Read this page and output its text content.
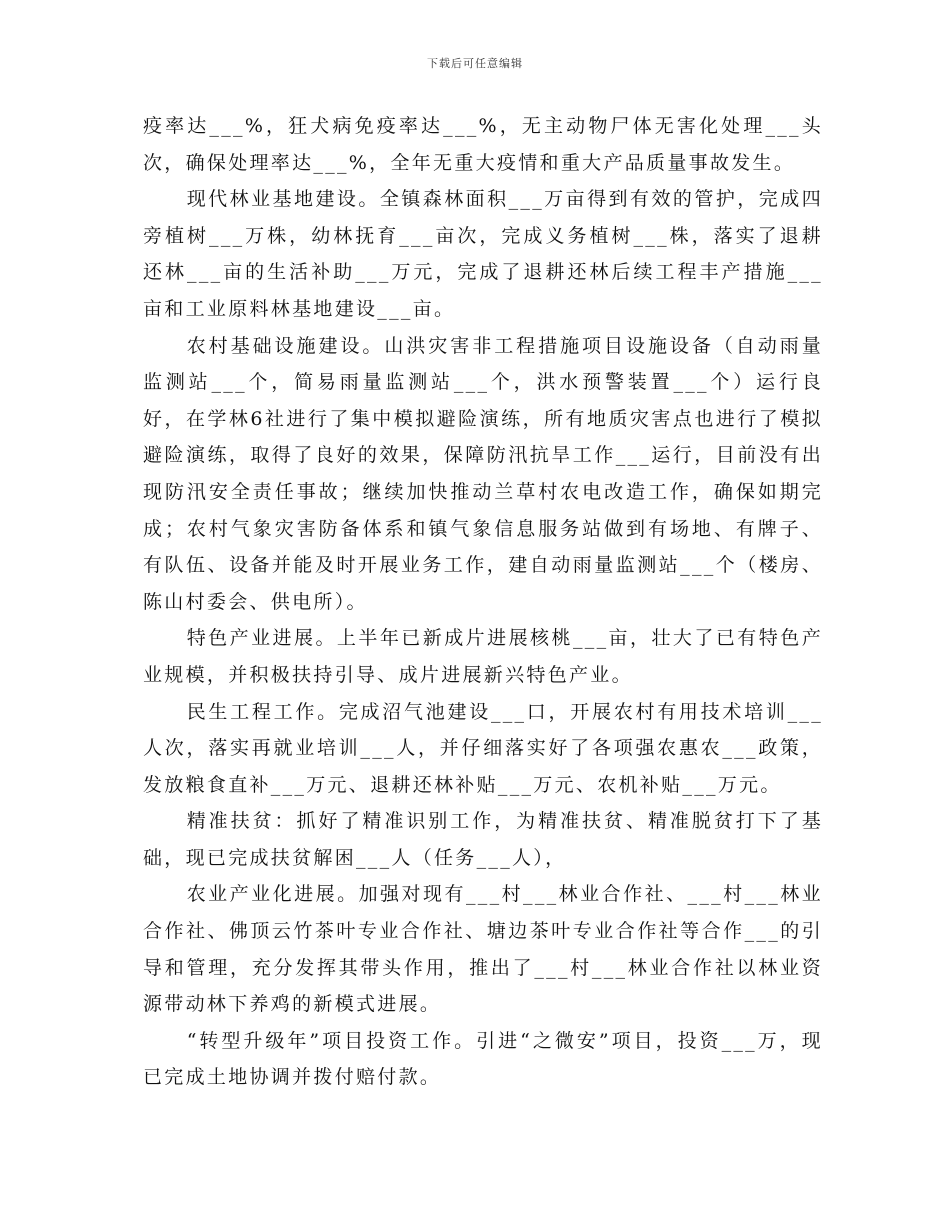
下载后可任意编辑

疫率达___%，狂犬病免疫率达___%，无主动物尸体无害化处理___头次，确保处理率达___%，全年无重大疫情和重大产品质量事故发生。

现代林业基地建设。全镇森林面积___万亩得到有效的管护，完成四旁植树___万株，幼林抚育___亩次，完成义务植树___株，落实了退耕还林___亩的生活补助___万元，完成了退耕还林后续工程丰产措施___亩和工业原料林基地建设___亩。

农村基础设施建设。山洪灾害非工程措施项目设施设备（自动雨量监测站___个，简易雨量监测站___个，洪水预警装置___个）运行良好，在学林6社进行了集中模拟避险演练，所有地质灾害点也进行了模拟避险演练，取得了良好的效果，保障防汛抗旱工作___运行，目前没有出现防汛安全责任事故；继续加快推动兰草村农电改造工作，确保如期完成；农村气象灾害防备体系和镇气象信息服务站做到有场地、有牌子、有队伍、设备并能及时开展业务工作，建自动雨量监测站___个（楼房、陈山村委会、供电所）。

特色产业进展。上半年已新成片进展核桃___亩，壮大了已有特色产业规模，并积极扶持引导、成片进展新兴特色产业。

民生工程工作。完成沼气池建设___口，开展农村有用技术培训___人次，落实再就业培训___人，并仔细落实好了各项强农惠农___政策，发放粮食直补___万元、退耕还林补贴___万元、农机补贴___万元。

精准扶贫：抓好了精准识别工作，为精准扶贫、精准脱贫打下了基础，现已完成扶贫解困___人（任务___人），

农业产业化进展。加强对现有___村___林业合作社、___村___林业合作社、佛顶云竹茶叶专业合作社、塘边茶叶专业合作社等合作___的引导和管理，充分发挥其带头作用，推出了___村___林业合作社以林业资源带动林下养鸡的新模式进展。

“转型升级年”项目投资工作。引进“之微安”项目，投资___万，现已完成土地协调并拨付赔付款。
